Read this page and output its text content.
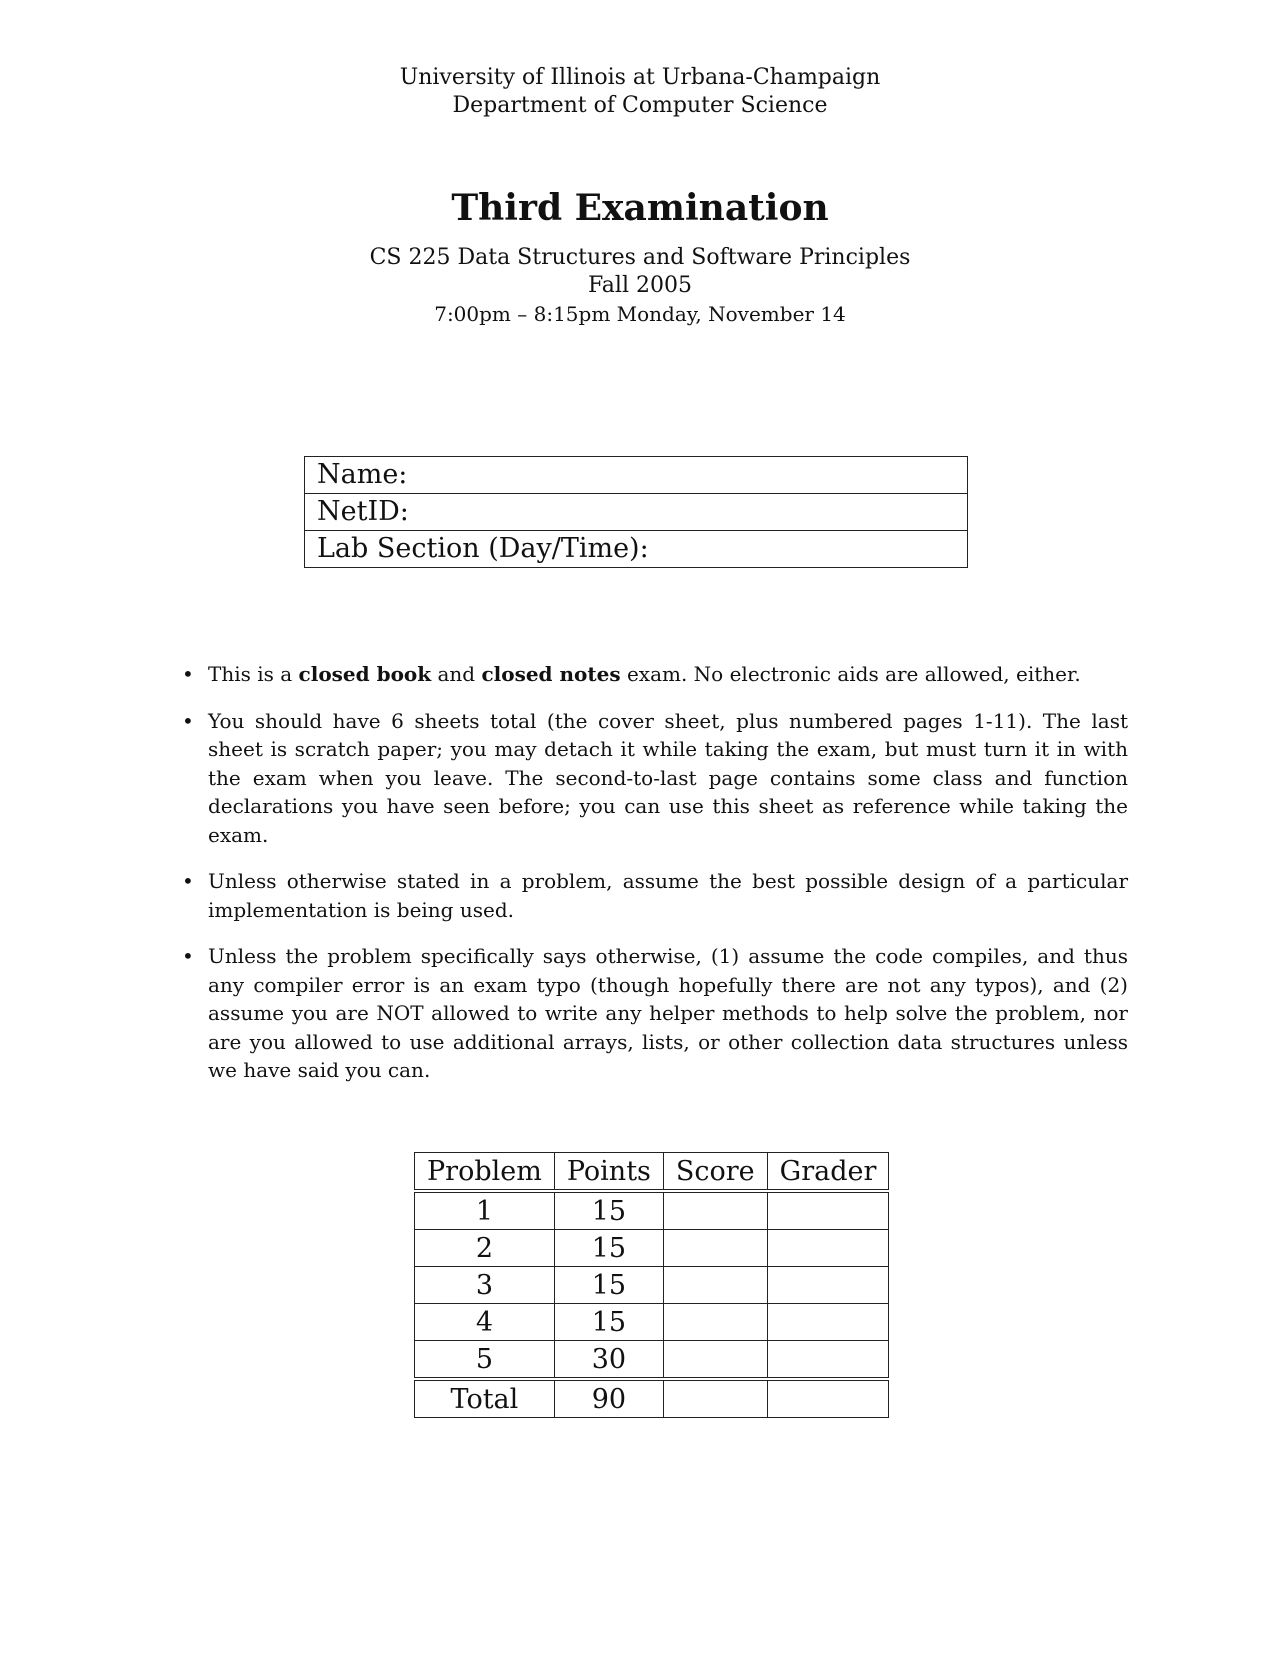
University of Illinois at Urbana-Champaign
Department of Computer Science
Third Examination
CS 225 Data Structures and Software Principles
Fall 2005
7:00pm – 8:15pm Monday, November 14
Name:
NetID:
Lab Section (Day/Time):
• This is a closed book and closed notes exam. No electronic aids are allowed, either.
• You should have 6 sheets total (the cover sheet, plus numbered pages 1-11). The last sheet is scratch paper; you may detach it while taking the exam, but must turn it in with the exam when you leave. The second-to-last page contains some class and function declarations you have seen before; you can use this sheet as reference while taking the exam.
• Unless otherwise stated in a problem, assume the best possible design of a particular implementation is being used.
• Unless the problem specifically says otherwise, (1) assume the code compiles, and thus any compiler error is an exam typo (though hopefully there are not any typos), and (2) assume you are NOT allowed to write any helper methods to help solve the problem, nor are you allowed to use additional arrays, lists, or other collection data structures unless we have said you can.
Problem	Points	Score	Grader
1	15		
2	15		
3	15		
4	15		
5	30		
Total	90		
